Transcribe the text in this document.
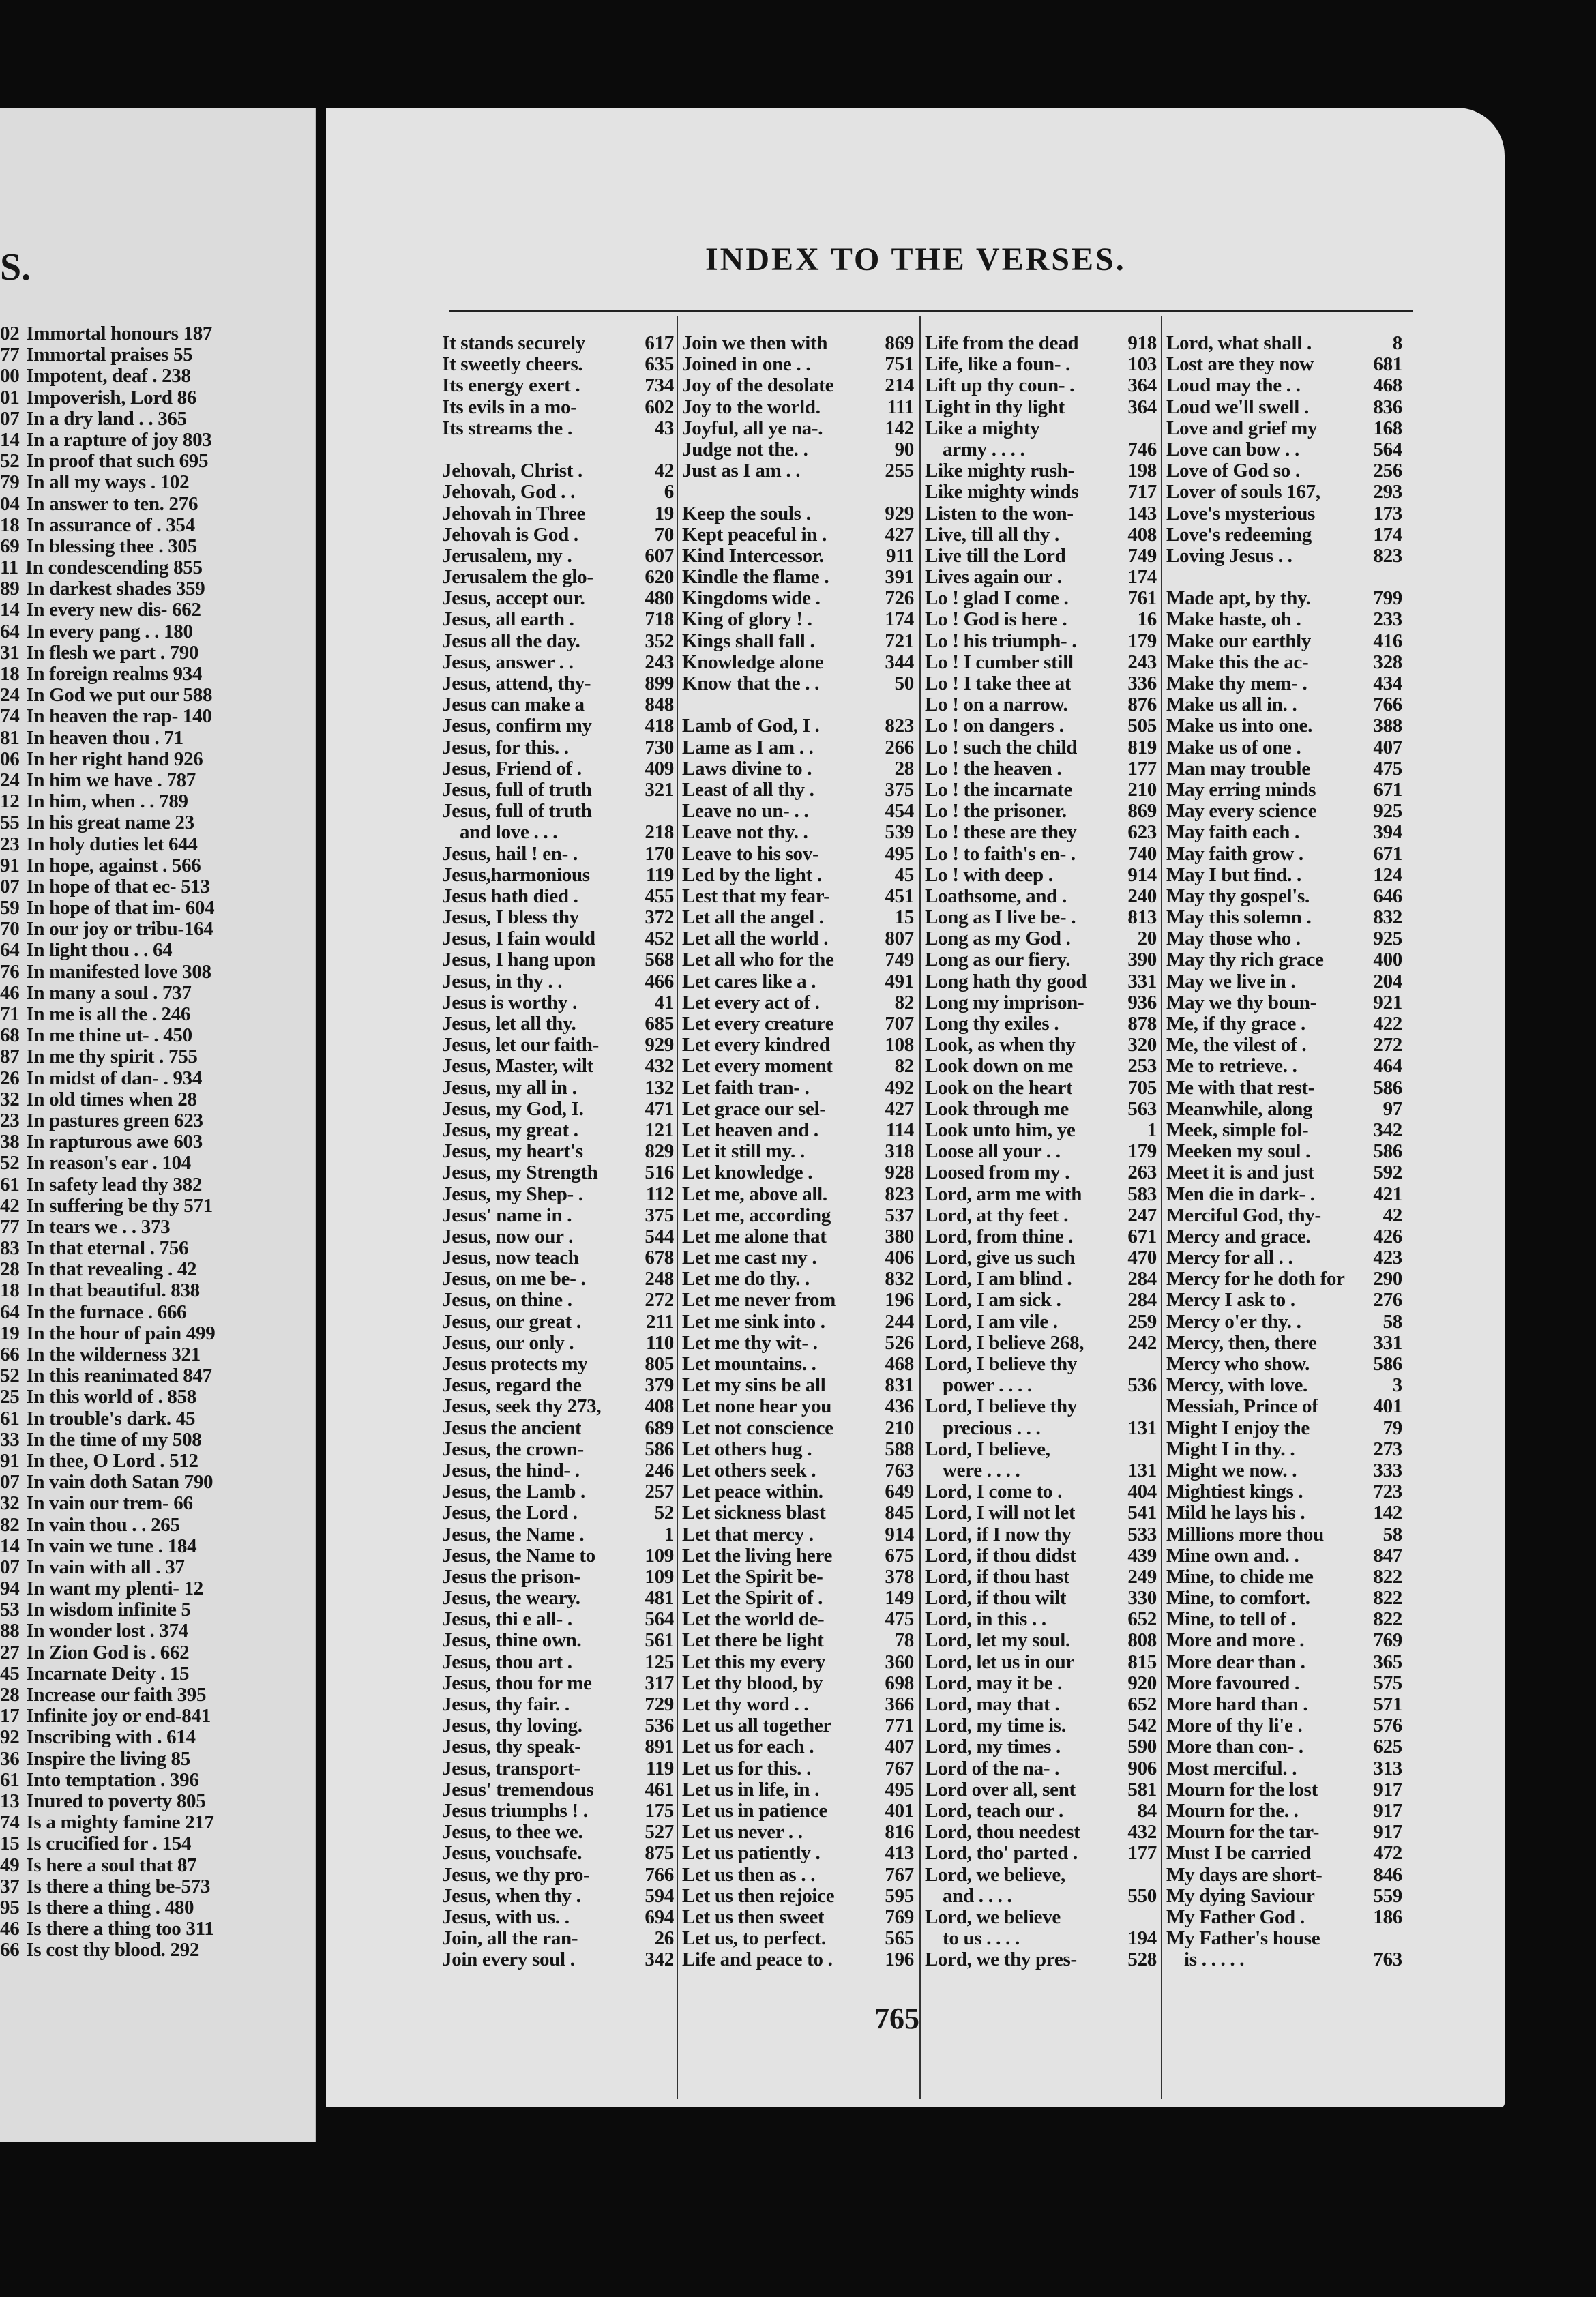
S.
02 Immortal honours 187
77 Immortal praises 55
00 Impotent, deaf . 238
01 Impoverish, Lord 86
07 In a dry land . . 365
14 In a rapture of joy 803
52 In proof that such 695
79 In all my ways . 102
04 In answer to ten. 276
18 In assurance of . 354
69 In blessing thee . 305
11 In condescending 855
89 In darkest shades 359
14 In every new dis- 662
64 In every pang . . 180
31 In flesh we part . 790
18 In foreign realms 934
24 In God we put our 588
74 In heaven the rap- 140
81 In heaven thou . 71
06 In her right hand 926
24 In him we have . 787
12 In him, when . . 789
55 In his great name 23
23 In holy duties let 644
91 In hope, against . 566
07 In hope of that ec- 513
59 In hope of that im- 604
70 In our joy or tribu-164
64 In light thou . . 64
76 In manifested love 308
46 In many a soul . 737
71 In me is all the . 246
68 In me thine ut- . 450
87 In me thy spirit . 755
26 In midst of dan- . 934
32 In old times when 28
23 In pastures green 623
38 In rapturous awe 603
52 In reason's ear . 104
61 In safety lead thy 382
42 In suffering be thy 571
77 In tears we . . 373
83 In that eternal . 756
28 In that revealing . 42
18 In that beautiful. 838
64 In the furnace . 666
19 In the hour of pain 499
66 In the wilderness 321
52 In this reanimated 847
25 In this world of . 858
61 In trouble's dark. 45
33 In the time of my 508
91 In thee, O Lord . 512
07 In vain doth Satan 790
32 In vain our trem- 66
82 In vain thou . . 265
14 In vain we tune . 184
07 In vain with all . 37
94 In want my plenti- 12
53 In wisdom infinite 5
88 In wonder lost . 374
27 In Zion God is . 662
45 Incarnate Deity . 15
28 Increase our faith 395
17 Infinite joy or end-841
92 Inscribing with . 614
36 Inspire the living 85
61 Into temptation . 396
13 Inured to poverty 805
74 Is a mighty famine 217
15 Is crucified for . 154
49 Is here a soul that 87
37 Is there a thing be-573
95 Is there a thing . 480
46 Is there a thing too 311
66 Is cost thy blood. 292
INDEX TO THE VERSES.
It stands securely	617
It sweetly cheers.	635
Its energy exert .	734
Its evils in a mo-	602
Its streams the .	43
Jehovah, Christ .	42
Jehovah, God . .	6
Jehovah in Three	19
Jehovah is God .	70
Jerusalem, my .	607
Jerusalem the glo-	620
Jesus, accept our.	480
Jesus, all earth .	718
Jesus all the day.	352
Jesus, answer . .	243
Jesus, attend, thy-	899
Jesus can make a	848
Jesus, confirm my	418
Jesus, for this. .	730
Jesus, Friend of .	409
Jesus, full of truth	321
Jesus, full of truth
and love . . .	218
Jesus, hail ! en- .	170
Jesus,harmonious	119
Jesus hath died .	455
Jesus, I bless thy	372
Jesus, I fain would	452
Jesus, I hang upon 568
Jesus, in thy . .	466
Jesus is worthy .	41
Jesus, let all thy.	685
Jesus, let our faith- 929
Jesus, Master, wilt	432
Jesus, my all in .	132
Jesus, my God, I.	471
Jesus, my great .	121
Jesus, my heart's	829
Jesus, my Strength 516
Jesus, my Shep- .	112
Jesus' name in .	375
Jesus, now our .	544
Jesus, now teach	678
Jesus, on me be- .	248
Jesus, on thine .	272
Jesus, our great .	211
Jesus, our only .	110
Jesus protects my	805
Jesus, regard the	379
Jesus, seek thy 273, 408
Jesus the ancient	689
Jesus, the crown-	586
Jesus, the hind- .	246
Jesus, the Lamb .	257
Jesus, the Lord .	52
Jesus, the Name .	1
Jesus, the Name to 109
Jesus the prison-	109
Jesus, the weary.	481
Jesus, thi e all- .	564
Jesus, thine own.	561
Jesus, thou art .	125
Jesus, thou for me	317
Jesus, thy fair. .	729
Jesus, thy loving.	536
Jesus, thy speak-	891
Jesus, transport-	119
Jesus' tremendous	461
Jesus triumphs ! .	175
Jesus, to thee we.	527
Jesus, vouchsafe.	875
Jesus, we thy pro-	766
Jesus, when thy .	594
Jesus, with us. .	694
Join, all the ran-	26
Join every soul .	342
Join we then with	869
Joined in one . .	751
Joy of the desolate	214
Joy to the world.	111
Joyful, all ye na-.	142
Judge not the. .	90
Just as I am . .	255
Keep the souls .	929
Kept peaceful in .	427
Kind Intercessor.	911
Kindle the flame .	391
Kingdoms wide .	726
King of glory ! .	174
Kings shall fall .	721
Knowledge alone	344
Know that the . .	50
Lamb of God, I .	823
Lame as I am . .	266
Laws divine to .	28
Least of all thy .	375
Leave no un- . .	454
Leave not thy. .	539
Leave to his sov-	495
Led by the light .	45
Lest that my fear-	451
Let all the angel .	15
Let all the world .	807
Let all who for the	749
Let cares like a .	491
Let every act of .	82
Let every creature	707
Let every kindred	108
Let every moment	82
Let faith tran- .	492
Let grace our sel-	427
Let heaven and .	114
Let it still my. .	318
Let knowledge .	928
Let me, above all.	823
Let me, according	537
Let me alone that	380
Let me cast my .	406
Let me do thy. .	832
Let me never from 196
Let me sink into .	244
Let me thy wit- .	526
Let mountains. .	468
Let my sins be all	831
Let none hear you	436
Let not conscience	210
Let others hug .	588
Let others seek .	763
Let peace within.	649
Let sickness blast	845
Let that mercy .	914
Let the living here	675
Let the Spirit be-	378
Let the Spirit of .	149
Let the world de-	475
Let there be light	78
Let this my every	360
Let thy blood, by	698
Let thy word . .	366
Let us all together	771
Let us for each .	407
Let us for this. .	767
Let us in life, in .	495
Let us in patience	401
Let us never . .	816
Let us patiently .	413
Let us then as . .	767
Let us then rejoice	595
Let us then sweet	769
Let us, to perfect.	565
Life and peace to .	196
Life from the dead 918
Life, like a foun- .	103
Lift up thy coun- .	364
Light in thy light	364
Like a mighty
army . . . .	746
Like mighty rush-	198
Like mighty winds 717
Listen to the won-	143
Live, till all thy .	408
Live till the Lord	749
Lives again our .	174
Lo ! glad I come .	761
Lo ! God is here .	16
Lo ! his triumph- .	179
Lo ! I cumber still	243
Lo ! I take thee at	336
Lo ! on a narrow.	876
Lo ! on dangers .	505
Lo ! such the child	819
Lo ! the heaven .	177
Lo ! the incarnate	210
Lo ! the prisoner.	869
Lo ! these are they	623
Lo ! to faith's en- .	740
Lo ! with deep .	914
Loathsome, and .	240
Long as I live be- .	813
Long as my God .	20
Long as our fiery.	390
Long hath thy good 331
Long my imprison- 936
Long thy exiles .	878
Look, as when thy	320
Look down on me	253
Look on the heart	705
Look through me	563
Look unto him, ye	1
Loose all your . .	179
Loosed from my .	263
Lord, arm me with 583
Lord, at thy feet .	247
Lord, from thine .	671
Lord, give us such	470
Lord, I am blind .	284
Lord, I am sick .	284
Lord, I am vile .	259
Lord, I believe 268, 242
Lord, I believe thy
power . . . .	536
Lord, I believe thy
precious . . .	131
Lord, I believe,
were . . . .	131
Lord, I come to .	404
Lord, I will not let	541
Lord, if I now thy	533
Lord, if thou didst	439
Lord, if thou hast	249
Lord, if thou wilt	330
Lord, in this . .	652
Lord, let my soul.	808
Lord, let us in our	815
Lord, may it be .	920
Lord, may that .	652
Lord, my time is.	542
Lord, my times .	590
Lord of the na- .	906
Lord over all, sent	581
Lord, teach our .	84
Lord, thou needest 432
Lord, tho' parted .	177
Lord, we believe,
and . . . .	550
Lord, we believe
to us . . . .	194
Lord, we thy pres-	528
Lord, what shall .	8
Lost are they now	681
Loud may the . .	468
Loud we'll swell .	836
Love and grief my	168
Love can bow . .	564
Love of God so .	256
Lover of souls 167,	293
Love's mysterious	173
Love's redeeming	174
Loving Jesus . .	823
Made apt, by thy.	799
Make haste, oh .	233
Make our earthly	416
Make this the ac-	328
Make thy mem- .	434
Make us all in. .	766
Make us into one.	388
Make us of one .	407
Man may trouble	475
May erring minds	671
May every science	925
May faith each .	394
May faith grow .	671
May I but find. .	124
May thy gospel's.	646
May this solemn .	832
May those who .	925
May thy rich grace	400
May we live in .	204
May we thy boun-	921
Me, if thy grace .	422
Me, the vilest of .	272
Me to retrieve. .	464
Me with that rest-	586
Meanwhile, along	97
Meek, simple fol-	342
Meeken my soul .	586
Meet it is and just	592
Men die in dark- .	421
Merciful God, thy-	42
Mercy and grace.	426
Mercy for all . .	423
Mercy for he doth for 290
Mercy I ask to .	276
Mercy o'er thy. .	58
Mercy, then, there	331
Mercy who show.	586
Mercy, with love.	3
Messiah, Prince of	401
Might I enjoy the	79
Might I in thy. .	273
Might we now. .	333
Mightiest kings .	723
Mild he lays his .	142
Millions more thou	58
Mine own and. .	847
Mine, to chide me	822
Mine, to comfort.	822
Mine, to tell of .	822
More and more .	769
More dear than .	365
More favoured .	575
More hard than .	571
More of thy li'e .	576
More than con- .	625
Most merciful. .	313
Mourn for the lost	917
Mourn for the. .	917
Mourn for the tar-	917
Must I be carried	472
My days are short-	846
My dying Saviour	559
My Father God .	186
My Father's house
is . . . . .	763
765
